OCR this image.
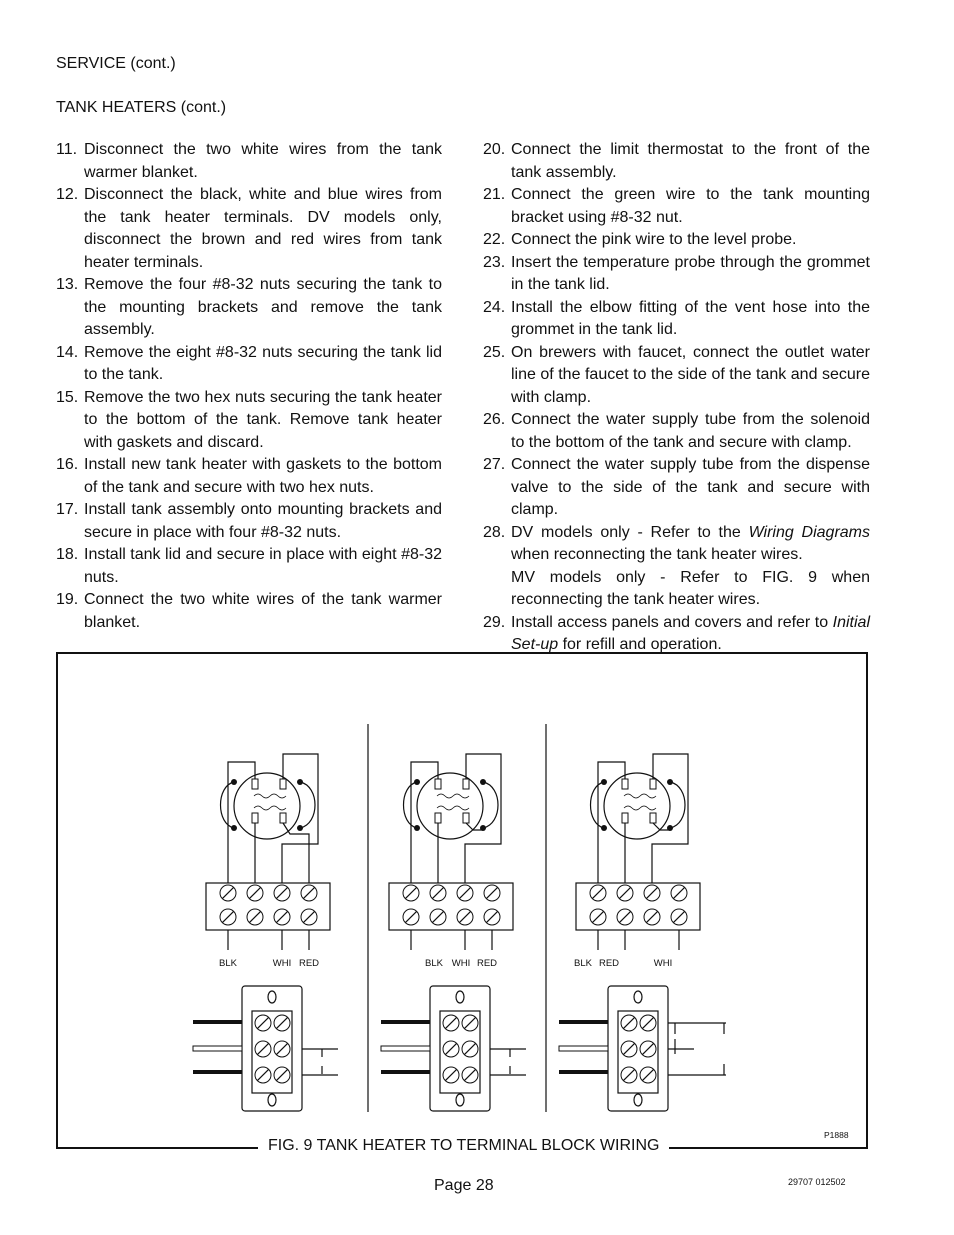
SERVICE (cont.)
TANK HEATERS (cont.)
11. Disconnect the two white wires from the tank warmer blanket.
12. Disconnect the black, white and blue wires from the tank heater terminals. DV models only, disconnect the brown and red wires from tank heater terminals.
13. Remove the four #8-32 nuts securing the tank to the mounting brackets and remove the tank assembly.
14. Remove the eight #8-32 nuts securing the tank lid to the tank.
15. Remove the two hex nuts securing the tank heater to the bottom of the tank. Remove tank heater with gaskets and discard.
16. Install new tank heater with gaskets to the bottom of the tank and secure with two hex nuts.
17. Install tank assembly onto mounting brackets and secure in place with four #8-32 nuts.
18. Install tank lid and secure in place with eight #8-32 nuts.
19. Connect the two white wires of the tank warmer blanket.
20. Connect the limit thermostat to the front of the tank assembly.
21. Connect the green wire to the tank mounting bracket using #8-32 nut.
22. Connect the pink wire to the level probe.
23. Insert the temperature probe through the grommet in the tank lid.
24. Install the elbow fitting of the vent hose into the grommet in the tank lid.
25. On brewers with faucet, connect the outlet water line of the faucet to the side of the tank and secure with clamp.
26. Connect the water supply tube from the solenoid to the bottom of the tank and secure with clamp.
27. Connect the water supply tube from the dispense valve to the side of the tank and secure with clamp.
28. DV models only - Refer to the Wiring Diagrams when reconnecting the tank heater wires.
MV models only - Refer to FIG. 9 when reconnecting the tank heater wires.
29. Install access panels and covers and refer to Initial Set-up for refill and operation.
BLK	WHI RED	BLK WHI RED	BLK RED	WHI
P1888
FIG. 9 TANK HEATER TO TERMINAL BLOCK WIRING
Page 28	29707 012502
